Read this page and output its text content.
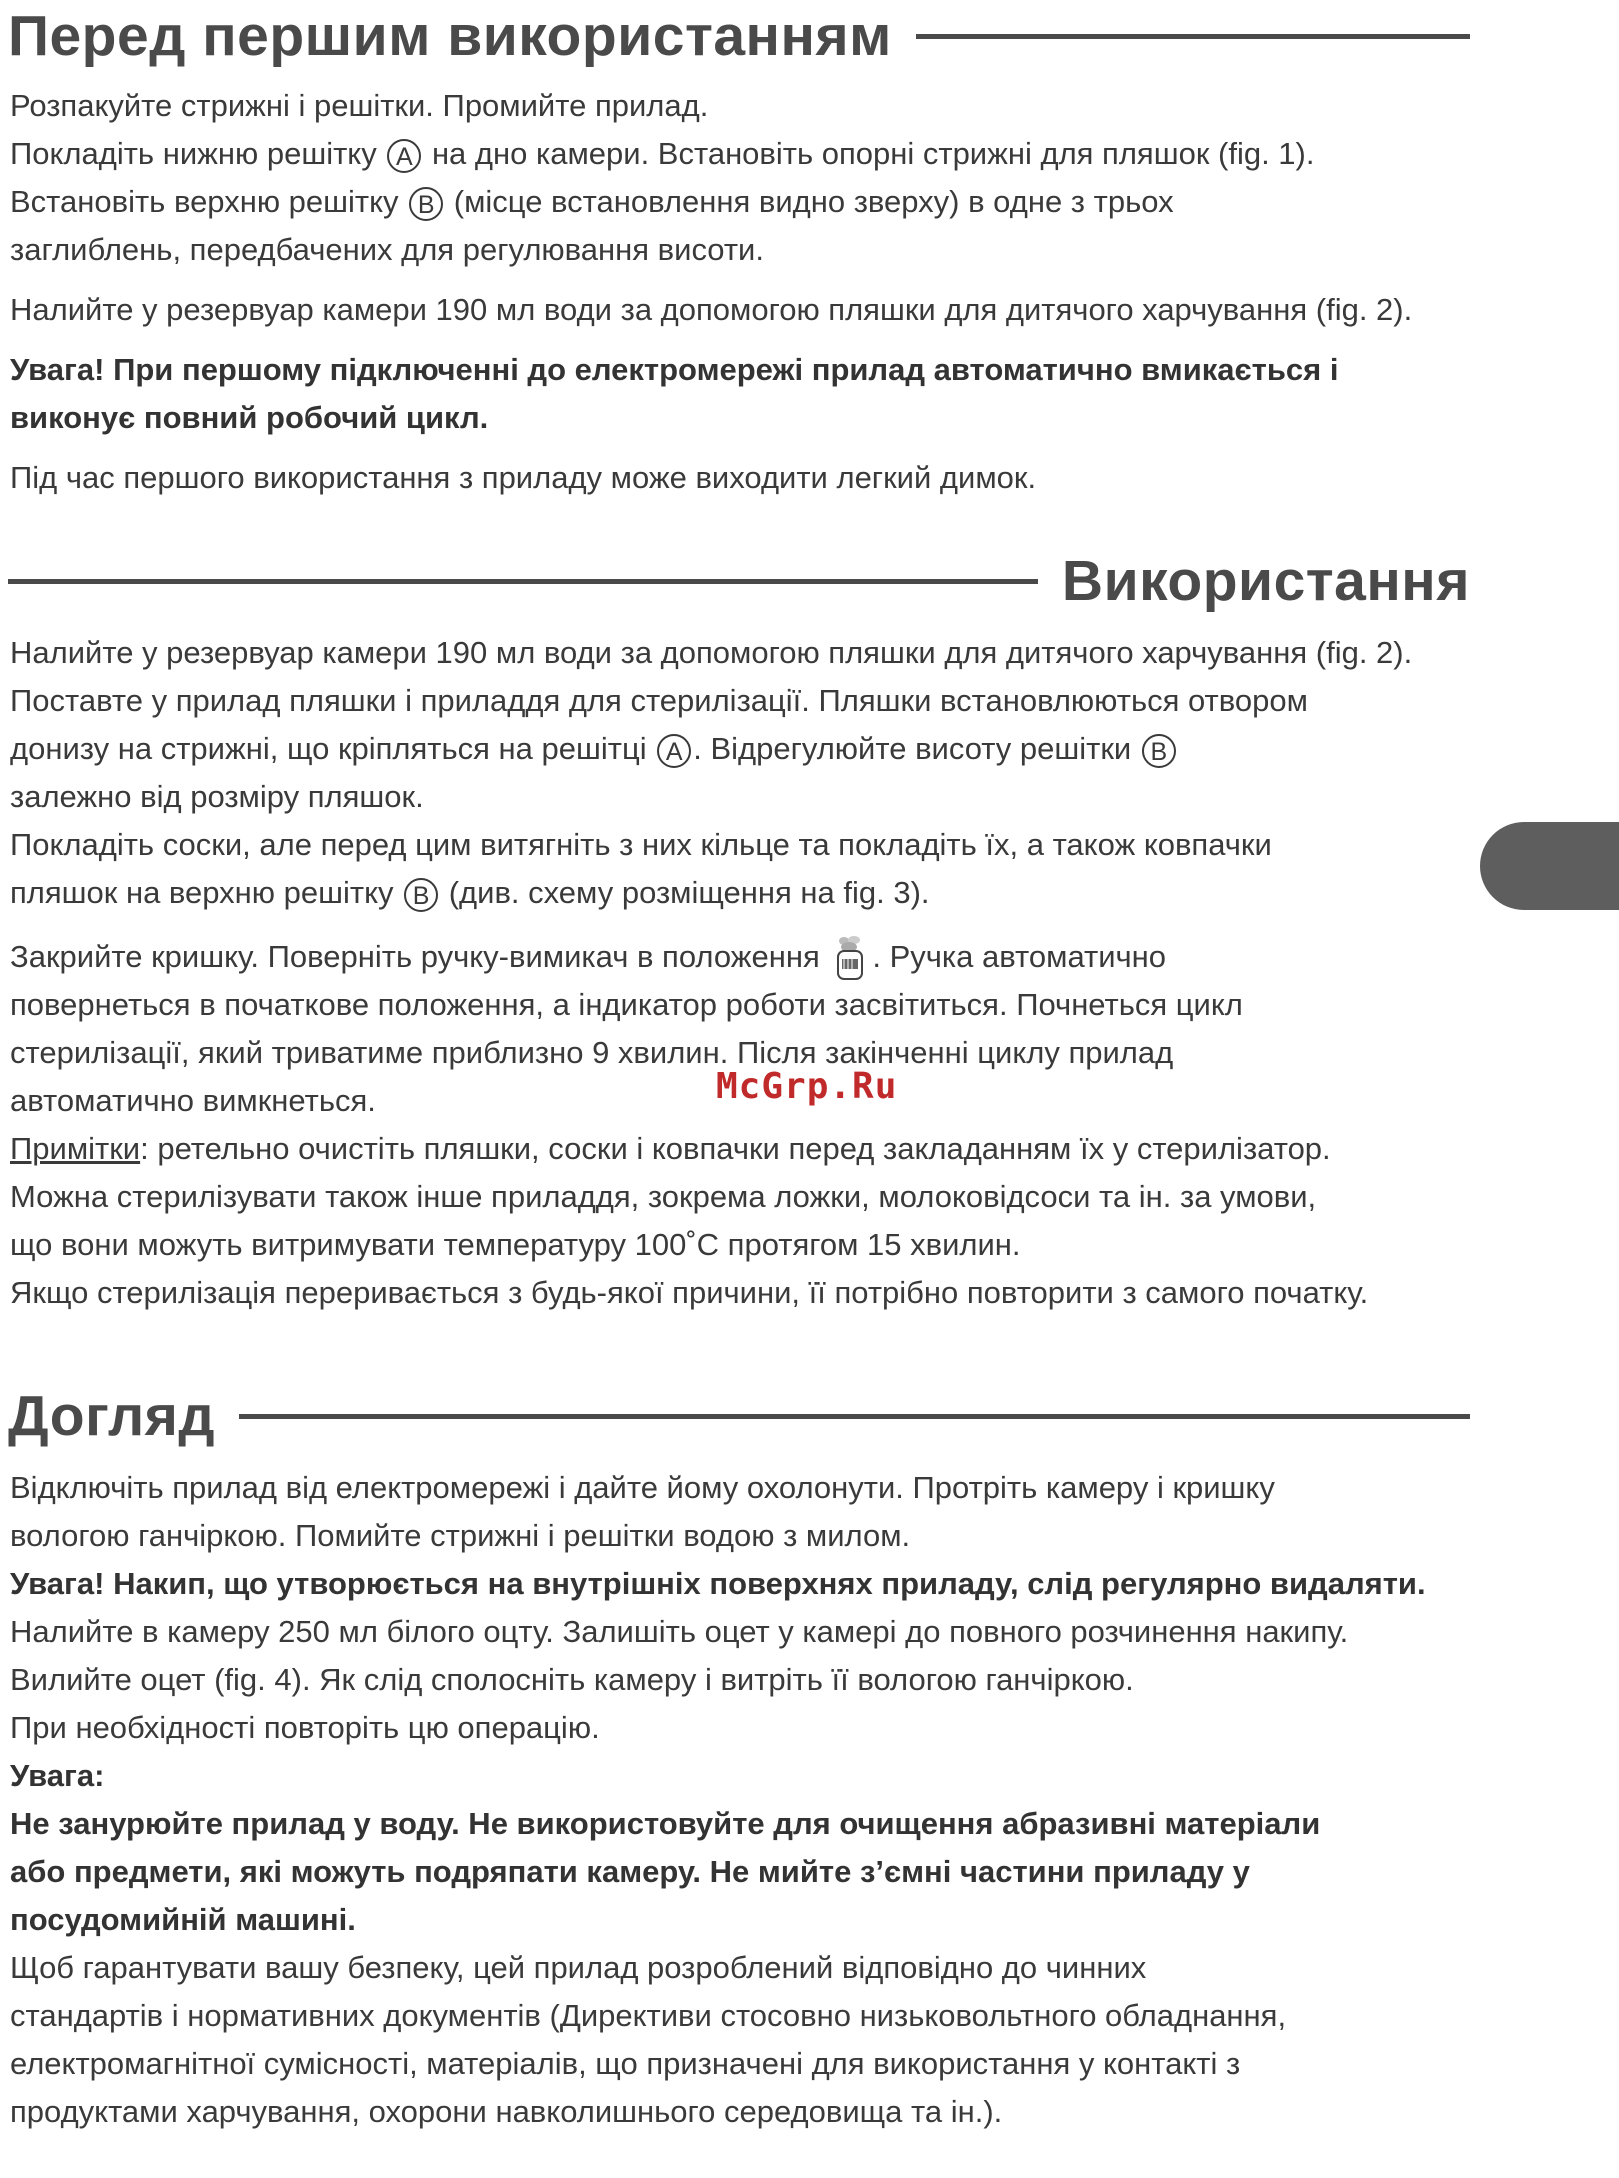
Перед першим використанням
Розпакуйте стрижні і решітки. Промийте прилад.
Покладіть нижню решітку A на дно камери. Встановіть опорні стрижні для пляшок (fig. 1).
Встановіть верхню решітку B (місце встановлення видно зверху) в одне з трьох
заглиблень, передбачених для регулювання висоти.
Налийте у резервуар камери 190 мл води за допомогою пляшки для дитячого харчування (fig. 2).
Увага! При першому підключенні до електромережі прилад автоматично вмикається і
виконує повний робочий цикл.
Під час першого використання з приладу може виходити легкий димок.
Використання
Налийте у резервуар камери 190 мл води за допомогою пляшки для дитячого харчування (fig. 2).
Поставте у прилад пляшки і приладдя для стерилізації. Пляшки встановлюються отвором
донизу на стрижні, що кріпляться на решітці A . Відрегулюйте висоту решітки B
залежно від розміру пляшок.
Покладіть соски, але перед цим витягніть з них кільце та покладіть їх, а також ковпачки
пляшок на верхню решітку B (див. схему розміщення на fig. 3).
Закрийте кришку. Поверніть ручку-вимикач в положення . Ручка автоматично
повернеться в початкове положення, а індикатор роботи засвітиться. Почнеться цикл
стерилізації, який триватиме приблизно 9 хвилин. Після закінченні циклу прилад
автоматично вимкнеться.
Примітки: ретельно очистіть пляшки, соски і ковпачки перед закладанням їх у стерилізатор.
Можна стерилізувати також інше приладдя, зокрема ложки, молоковідсоси та ін. за умови,
що вони можуть витримувати температуру 100˚C протягом 15 хвилин.
Якщо стерилізація переривається з будь-якої причини, її потрібно повторити з самого початку.
Догляд
Відключіть прилад від електромережі і дайте йому охолонути. Протріть камеру і кришку
вологою ганчіркою. Помийте стрижні і решітки водою з милом.
Увага! Накип, що утворюється на внутрішніх поверхнях приладу, слід регулярно видаляти.
Налийте в камеру 250 мл білого оцту. Залишіть оцет у камері до повного розчинення накипу.
Вилийте оцет (fig. 4). Як слід сполосніть камеру і витріть її вологою ганчіркою.
При необхідності повторіть цю операцію.
Увага:
Не занурюйте прилад у воду. Не використовуйте для очищення абразивні матеріали
або предмети, які можуть подряпати камеру. Не мийте з’ємні частини приладу у
посудомийній машині.
Щоб гарантувати вашу безпеку, цей прилад розроблений відповідно до чинних
стандартів і нормативних документів (Директиви стосовно низьковольтного обладнання,
електромагнітної сумісності, матеріалів, що призначені для використання у контакті з
продуктами харчування, охорони навколишнього середовища та ін.).
McGrp.Ru
